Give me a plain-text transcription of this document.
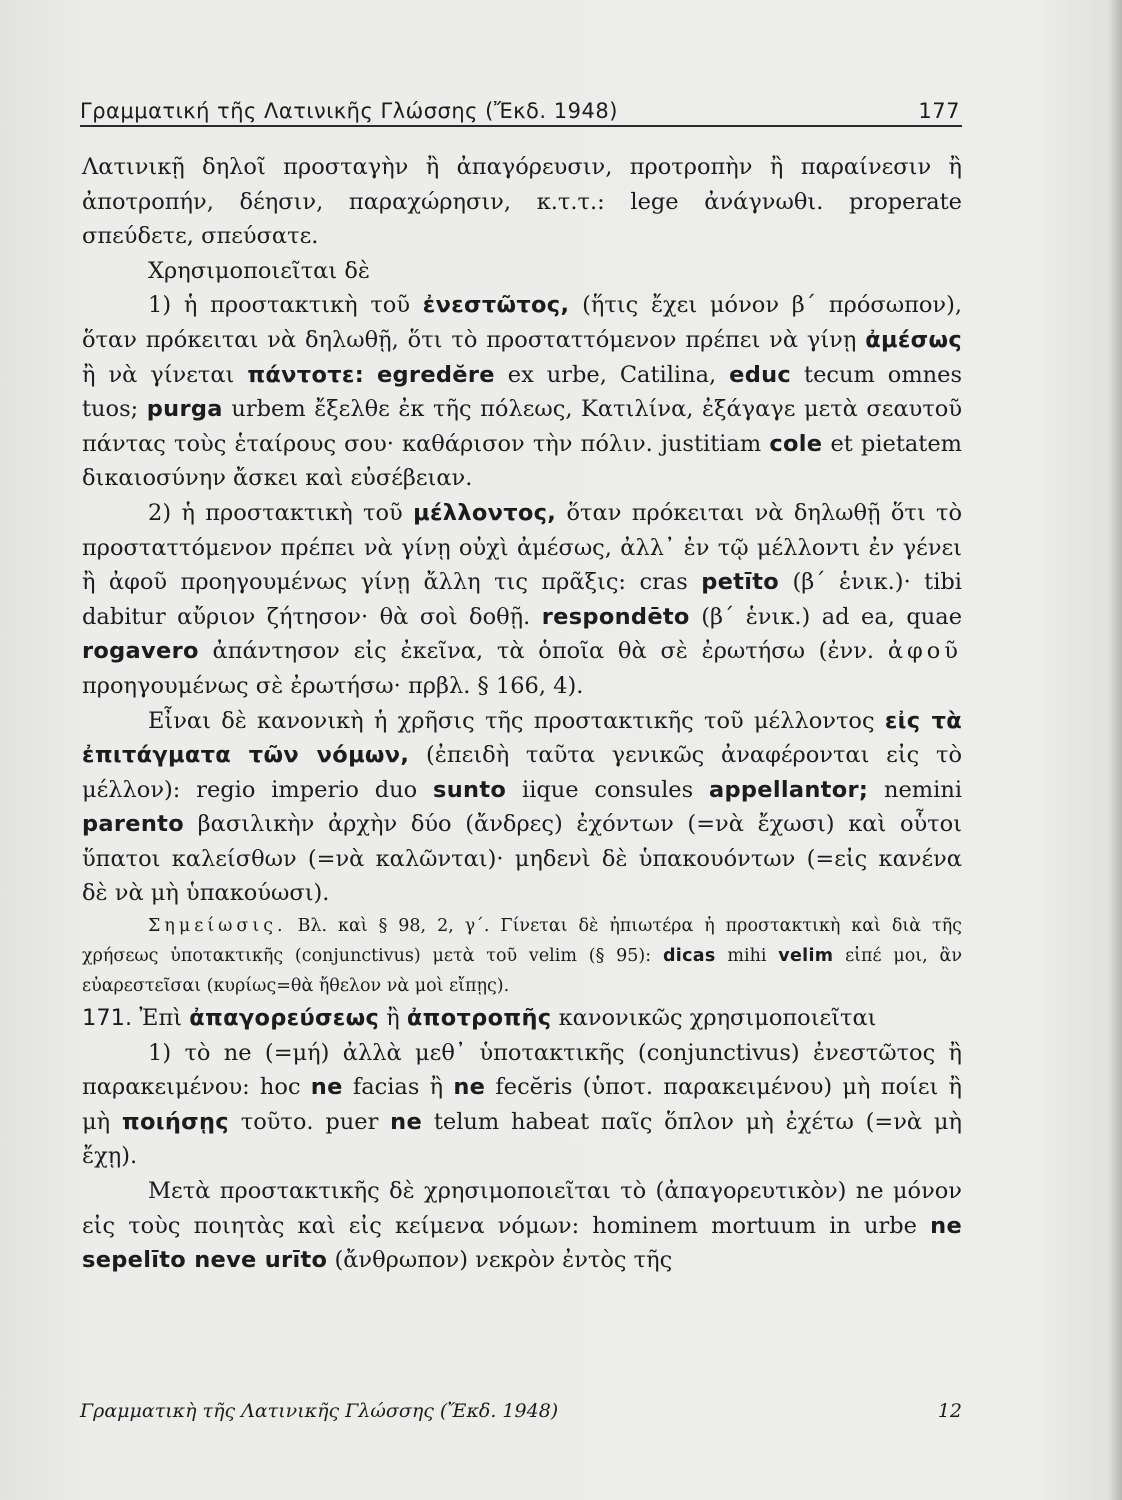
Γραμματική τῆς Λατινικῆς Γλώσσης (Ἔκδ. 1948)	177

Λατινικῇ δηλοῖ προσταγὴν ἢ ἀπαγόρευσιν, προτροπὴν ἢ παραίνεσιν ἢ ἀποτροπήν, δέησιν, παραχώρησιν, κ.τ.τ.: lege ἀνάγνωθι. properate σπεύδετε, σπεύσατε.

Χρησιμοποιεῖται δὲ

1) ἡ προστακτικὴ τοῦ ἐνεστῶτος, (ἥτις ἔχει μόνον β΄ πρόσωπον), ὅταν πρόκειται νὰ δηλωθῇ, ὅτι τὸ προσταττόμενον πρέπει νὰ γίνῃ ἀμέσως ἢ νὰ γίνεται πάντοτε: egredĕre ex urbe, Catilina, educ tecum omnes tuos; purga urbem ἔξελθε ἐκ τῆς πόλεως, Κατιλίνα, ἐξάγαγε μετὰ σεαυτοῦ πάντας τοὺς ἑταίρους σου· καθάρισον τὴν πόλιν. justitiam cole et pietatem δικαιοσύνην ἄσκει καὶ εὐσέβειαν.

2) ἡ προστακτικὴ τοῦ μέλλοντος, ὅταν πρόκειται νὰ δηλωθῇ ὅτι τὸ προσταττόμενον πρέπει νὰ γίνῃ οὐχὶ ἀμέσως, ἀλλ᾽ ἐν τῷ μέλλοντι ἐν γένει ἢ ἀφοῦ προηγουμένως γίνῃ ἄλλη τις πρᾶξις: cras petīto (β΄ ἑνικ.)· tibi dabitur αὔριον ζήτησον· θὰ σοὶ δοθῇ. respondēto (β΄ ἑνικ.) ad ea, quae rogavero ἀπάντησον εἰς ἐκεῖνα, τὰ ὁποῖα θὰ σὲ ἐρωτήσω (ἐνν. ἀφοῦ προηγουμένως σὲ ἐρωτήσω· πρβλ. § 166, 4).

Εἶναι δὲ κανονικὴ ἡ χρῆσις τῆς προστακτικῆς τοῦ μέλλοντος εἰς τὰ ἐπιτάγματα τῶν νόμων, (ἐπειδὴ ταῦτα γενικῶς ἀναφέρονται εἰς τὸ μέλλον): regio imperio duo sunto iique consules appellantor; nemini parento βασιλικὴν ἀρχὴν δύο (ἄνδρες) ἐχόντων (=νὰ ἔχωσι) καὶ οὗτοι ὕπατοι καλείσθων (=νὰ καλῶνται)· μηδενὶ δὲ ὑπακουόντων (=εἰς κανένα δὲ νὰ μὴ ὑπακούωσι).

Σημείωσις. Βλ. καὶ § 98, 2, γ΄. Γίνεται δὲ ἠπιωτέρα ἡ προστακτικὴ καὶ διὰ τῆς χρήσεως ὑποτακτικῆς (conjunctivus) μετὰ τοῦ velim (§ 95): dicas mihi velim εἰπέ μοι, ἂν εὐαρεστεῖσαι (κυρίως=θὰ ἤθελον νὰ μοὶ εἴπῃς).

171. Ἐπὶ ἀπαγορεύσεως ἢ ἀποτροπῆς κανονικῶς χρησιμοποιεῖται

1) τὸ ne (=μή) ἀλλὰ μεθ᾽ ὑποτακτικῆς (conjunctivus) ἐνεστῶτος ἢ παρακειμένου: hoc ne facias ἢ ne fecĕris (ὑποτ. παρακειμένου) μὴ ποίει ἢ μὴ ποιήσῃς τοῦτο. puer ne telum habeat παῖς ὅπλον μὴ ἐχέτω (=νὰ μὴ ἔχῃ).

Μετὰ προστακτικῆς δὲ χρησιμοποιεῖται τὸ (ἀπαγορευτικὸν) ne μόνον εἰς τοὺς ποιητὰς καὶ εἰς κείμενα νόμων: hominem mortuum in urbe ne sepelīto neve urīto (ἄνθρωπον) νεκρὸν ἐντὸς τῆς

Γραμματικὴ τῆς Λατινικῆς Γλώσσης (Ἔκδ. 1948)	12
